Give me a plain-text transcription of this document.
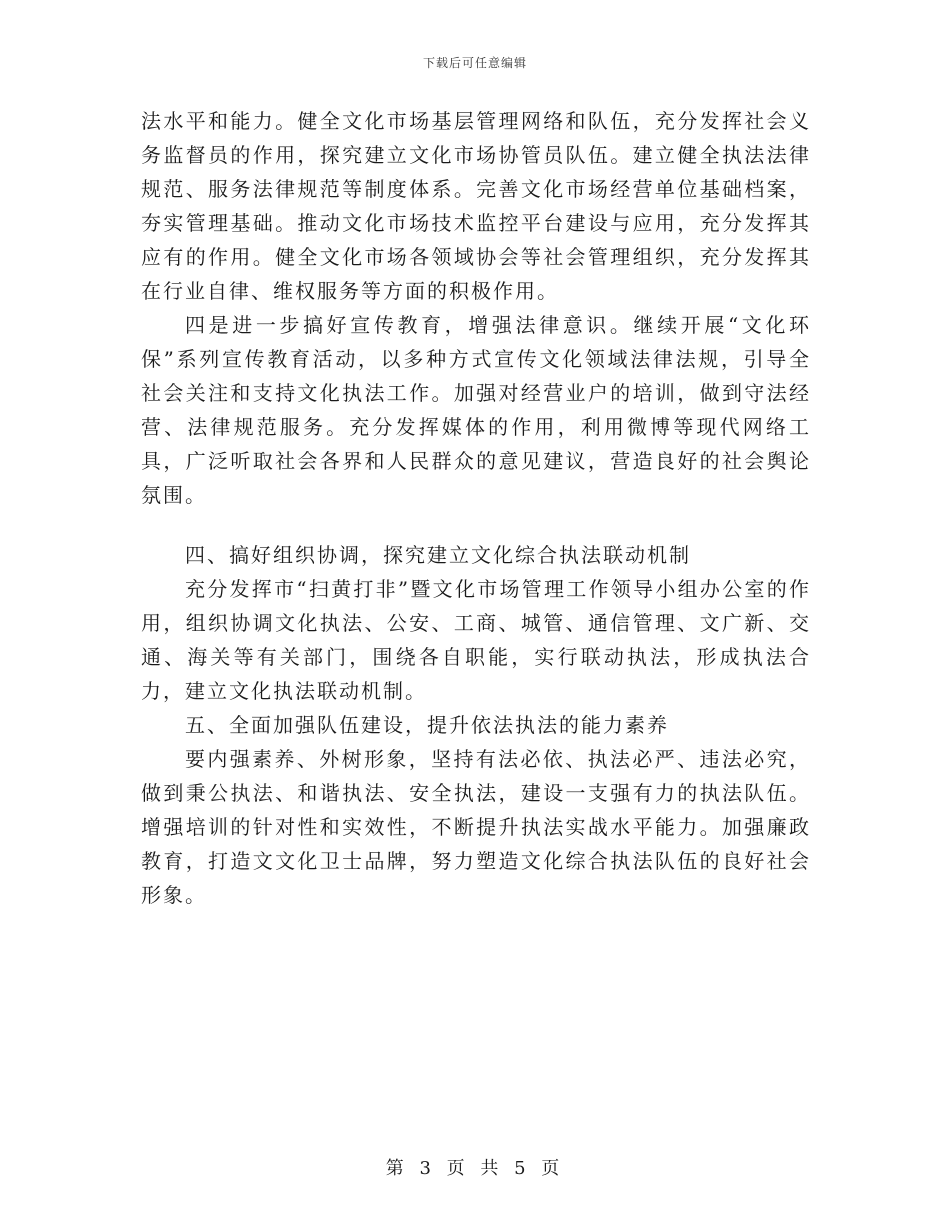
下载后可任意编辑

法水平和能力。健全文化市场基层管理网络和队伍，充分发挥社会义务监督员的作用，探究建立文化市场协管员队伍。建立健全执法法律规范、服务法律规范等制度体系。完善文化市场经营单位基础档案，夯实管理基础。推动文化市场技术监控平台建设与应用，充分发挥其应有的作用。健全文化市场各领域协会等社会管理组织，充分发挥其在行业自律、维权服务等方面的积极作用。

四是进一步搞好宣传教育，增强法律意识。继续开展“文化环保”系列宣传教育活动，以多种方式宣传文化领域法律法规，引导全社会关注和支持文化执法工作。加强对经营业户的培训，做到守法经营、法律规范服务。充分发挥媒体的作用，利用微博等现代网络工具，广泛听取社会各界和人民群众的意见建议，营造良好的社会舆论氛围。

四、搞好组织协调，探究建立文化综合执法联动机制

充分发挥市“扫黄打非”暨文化市场管理工作领导小组办公室的作用，组织协调文化执法、公安、工商、城管、通信管理、文广新、交通、海关等有关部门，围绕各自职能，实行联动执法，形成执法合力，建立文化执法联动机制。

五、全面加强队伍建设，提升依法执法的能力素养

要内强素养、外树形象，坚持有法必依、执法必严、违法必究，做到秉公执法、和谐执法、安全执法，建设一支强有力的执法队伍。增强培训的针对性和实效性，不断提升执法实战水平能力。加强廉政教育，打造文文化卫士品牌，努力塑造文化综合执法队伍的良好社会形象。

第 3 页 共 5 页
